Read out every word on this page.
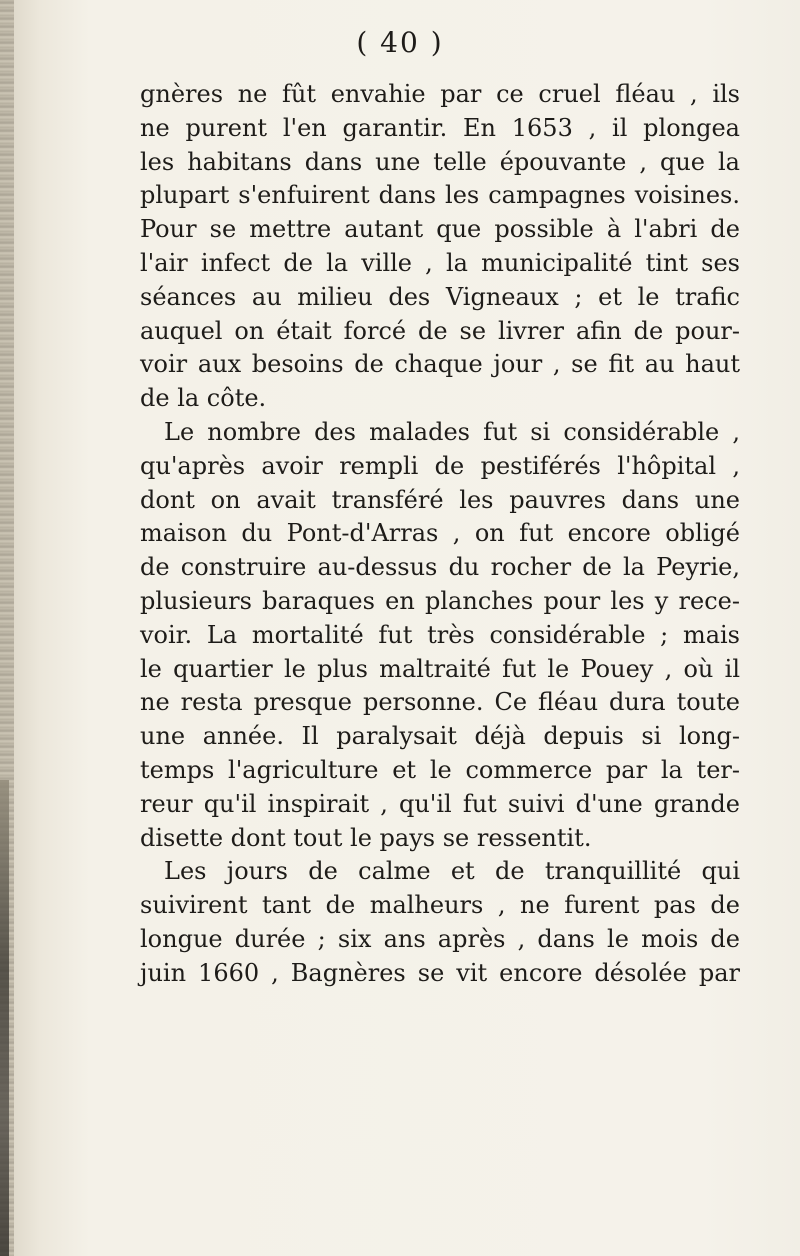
( 40 )
gnères ne fût envahie par ce cruel fléau , ils
ne purent l'en garantir. En 1653 , il plongea
les habitans dans une telle épouvante , que la
plupart s'enfuirent dans les campagnes voisines.
Pour se mettre autant que possible à l'abri de
l'air infect de la ville , la municipalité tint ses
séances au milieu des Vigneaux ; et le trafic
auquel on était forcé de se livrer afin de pour-
voir aux besoins de chaque jour , se fit au haut
de la côte.
Le nombre des malades fut si considérable ,
qu'après avoir rempli de pestiférés l'hôpital ,
dont on avait transféré les pauvres dans une
maison du Pont-d'Arras , on fut encore obligé
de construire au-dessus du rocher de la Peyrie,
plusieurs baraques en planches pour les y rece-
voir. La mortalité fut très considérable ; mais
le quartier le plus maltraité fut le Pouey , où il
ne resta presque personne. Ce fléau dura toute
une année. Il paralysait déjà depuis si long-
temps l'agriculture et le commerce par la ter-
reur qu'il inspirait , qu'il fut suivi d'une grande
disette dont tout le pays se ressentit.
Les jours de calme et de tranquillité qui
suivirent tant de malheurs , ne furent pas de
longue durée ; six ans après , dans le mois de
juin 1660 , Bagnères se vit encore désolée par
